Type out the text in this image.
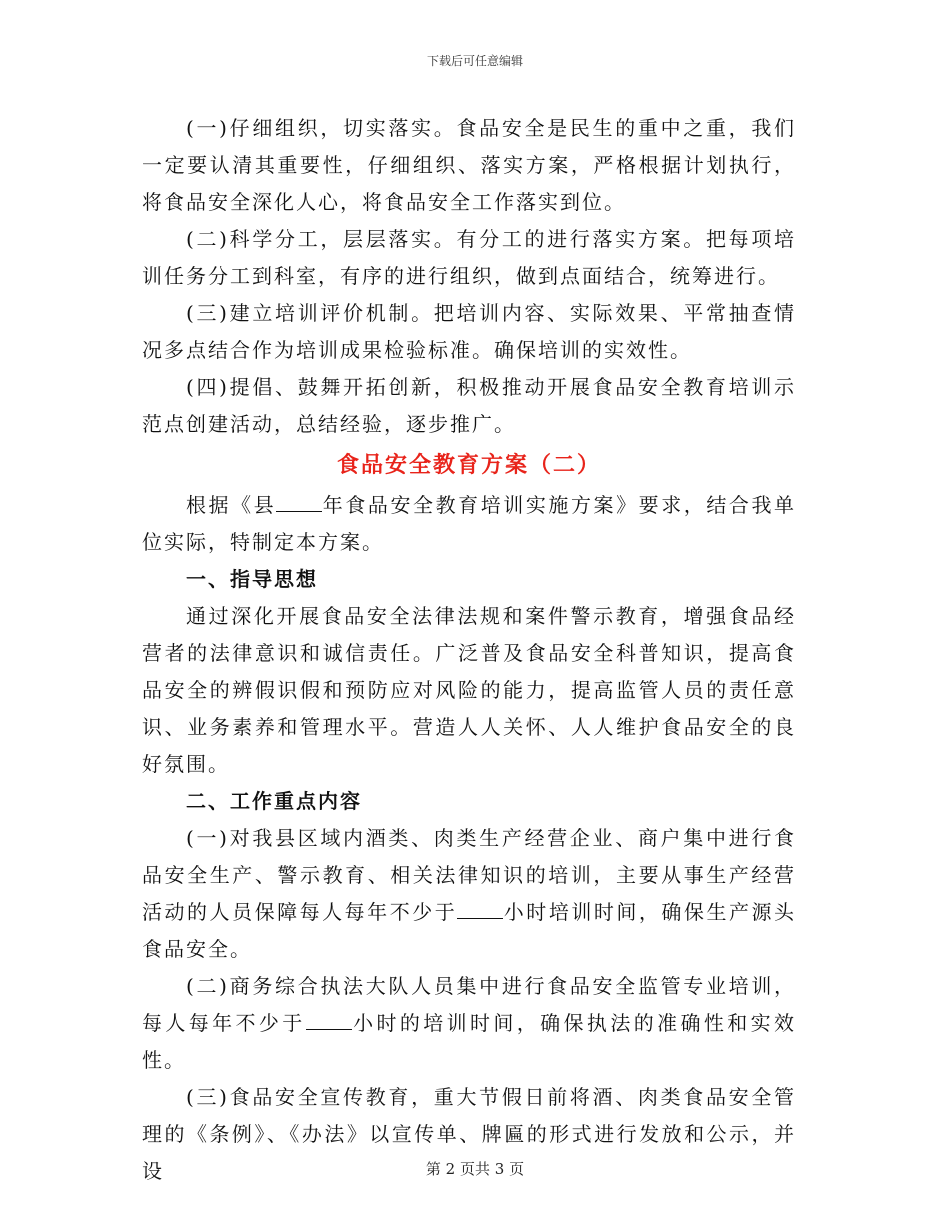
下载后可任意编辑

(一)仔细组织，切实落实。食品安全是民生的重中之重，我们一定要认清其重要性，仔细组织、落实方案，严格根据计划执行，将食品安全深化人心，将食品安全工作落实到位。

(二)科学分工，层层落实。有分工的进行落实方案。把每项培训任务分工到科室，有序的进行组织，做到点面结合，统筹进行。

(三)建立培训评价机制。把培训内容、实际效果、平常抽查情况多点结合作为培训成果检验标准。确保培训的实效性。

(四)提倡、鼓舞开拓创新，积极推动开展食品安全教育培训示范点创建活动，总结经验，逐步推广。

食品安全教育方案（二）

根据《县 年食品安全教育培训实施方案》要求，结合我单位实际，特制定本方案。

一、指导思想

通过深化开展食品安全法律法规和案件警示教育，增强食品经营者的法律意识和诚信责任。广泛普及食品安全科普知识，提高食品安全的辨假识假和预防应对风险的能力，提高监管人员的责任意识、业务素养和管理水平。营造人人关怀、人人维护食品安全的良好氛围。

二、工作重点内容

(一)对我县区域内酒类、肉类生产经营企业、商户集中进行食品安全生产、警示教育、相关法律知识的培训，主要从事生产经营活动的人员保障每人每年不少于 小时培训时间，确保生产源头食品安全。

(二)商务综合执法大队人员集中进行食品安全监管专业培训，每人每年不少于 小时的培训时间，确保执法的准确性和实效性。

(三)食品安全宣传教育，重大节假日前将酒、肉类食品安全管理的《条例》、《办法》以宣传单、牌匾的形式进行发放和公示，并设	第 2 页共 3 页
